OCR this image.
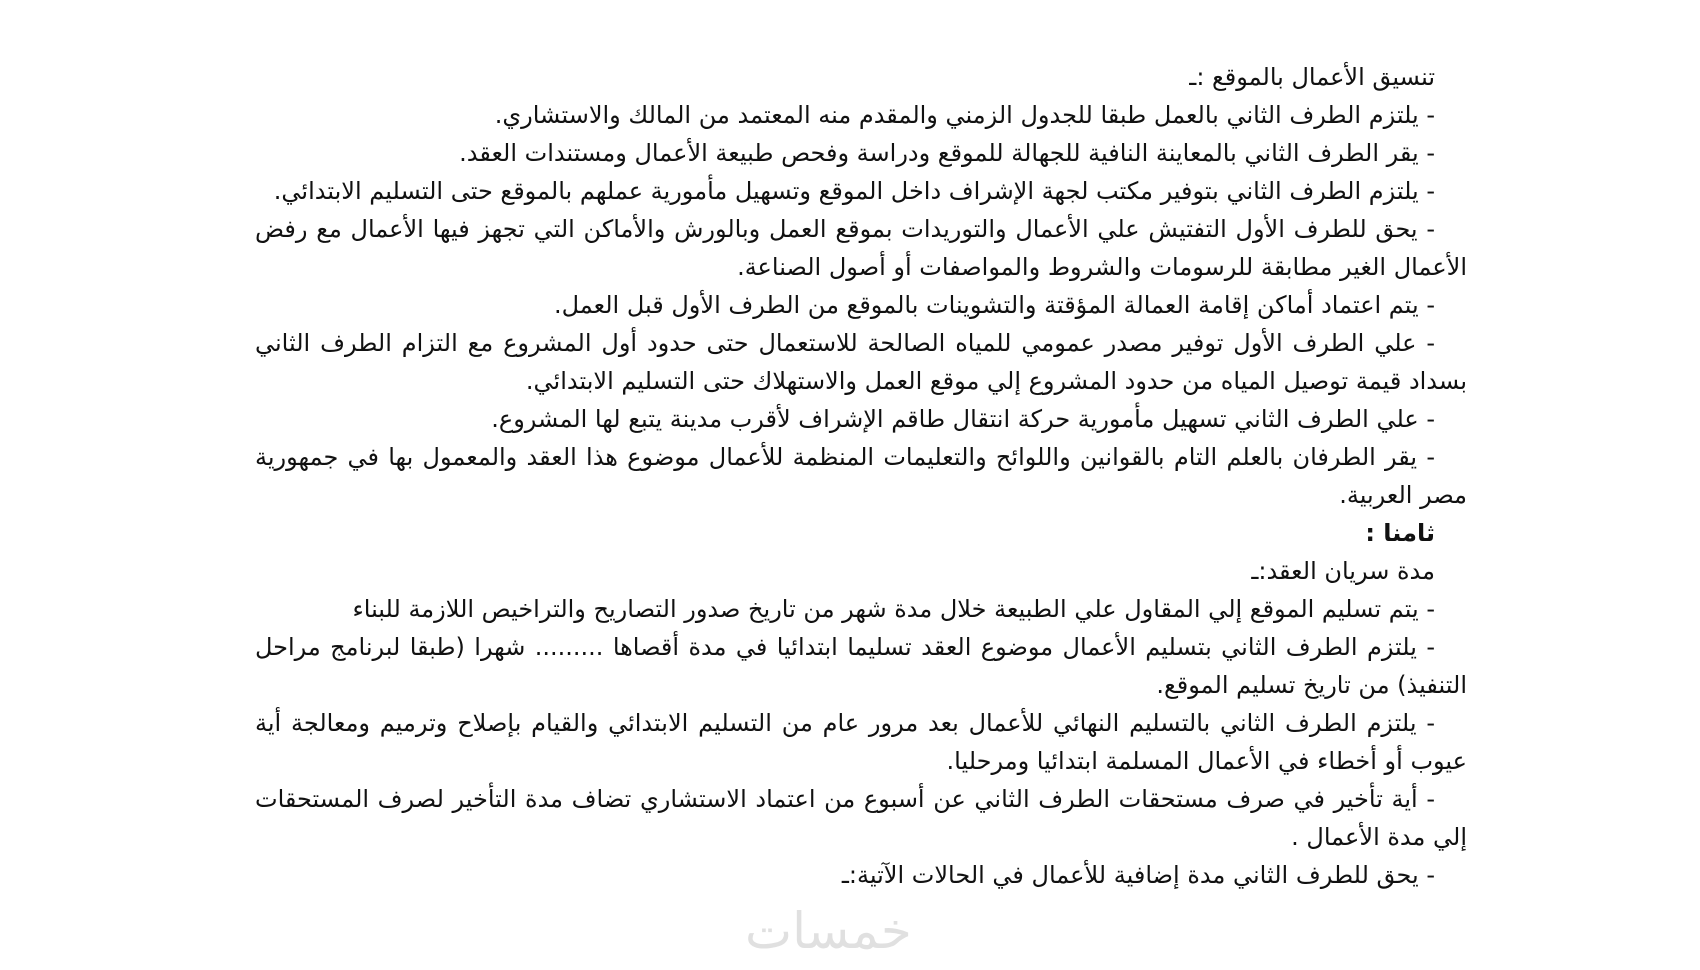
تنسيق الأعمال بالموقع :ـ
- يلتزم الطرف الثاني بالعمل طبقا للجدول الزمني والمقدم منه المعتمد من المالك والاستشاري.
- يقر الطرف الثاني بالمعاينة النافية للجهالة للموقع ودراسة وفحص طبيعة الأعمال ومستندات العقد.
- يلتزم الطرف الثاني بتوفير مكتب لجهة الإشراف داخل الموقع وتسهيل مأمورية عملهم بالموقع حتى التسليم الابتدائي.
- يحق للطرف الأول التفتيش علي الأعمال والتوريدات بموقع العمل وبالورش والأماكن التي تجهز فيها الأعمال مع رفض الأعمال الغير مطابقة للرسومات والشروط والمواصفات أو أصول الصناعة.
- يتم اعتماد أماكن إقامة العمالة المؤقتة والتشوينات بالموقع من الطرف الأول قبل العمل.
- علي الطرف الأول توفير مصدر عمومي للمياه الصالحة للاستعمال حتى حدود أول المشروع مع التزام الطرف الثاني بسداد قيمة توصيل المياه من حدود المشروع إلي موقع العمل والاستهلاك حتى التسليم الابتدائي.
- علي الطرف الثاني تسهيل مأمورية حركة انتقال طاقم الإشراف لأقرب مدينة يتبع لها المشروع.
- يقر الطرفان بالعلم التام بالقوانين واللوائح والتعليمات المنظمة للأعمال موضوع هذا العقد والمعمول بها في جمهورية مصر العربية.
ثامنا :
مدة سريان العقد:ـ
- يتم تسليم الموقع إلي المقاول علي الطبيعة خلال مدة شهر من تاريخ صدور التصاريح والتراخيص اللازمة للبناء
- يلتزم الطرف الثاني بتسليم الأعمال موضوع العقد تسليما ابتدائيا في مدة أقصاها ......... شهرا (طبقا لبرنامج مراحل التنفيذ) من تاريخ تسليم الموقع.
- يلتزم الطرف الثاني بالتسليم النهائي للأعمال بعد مرور عام من التسليم الابتدائي والقيام بإصلاح وترميم ومعالجة أية عيوب أو أخطاء في الأعمال المسلمة ابتدائيا ومرحليا.
- أية تأخير في صرف مستحقات الطرف الثاني عن أسبوع من اعتماد الاستشاري تضاف مدة التأخير لصرف المستحقات إلي مدة الأعمال .
- يحق للطرف الثاني مدة إضافية للأعمال في الحالات الآتية:ـ
خمسات
